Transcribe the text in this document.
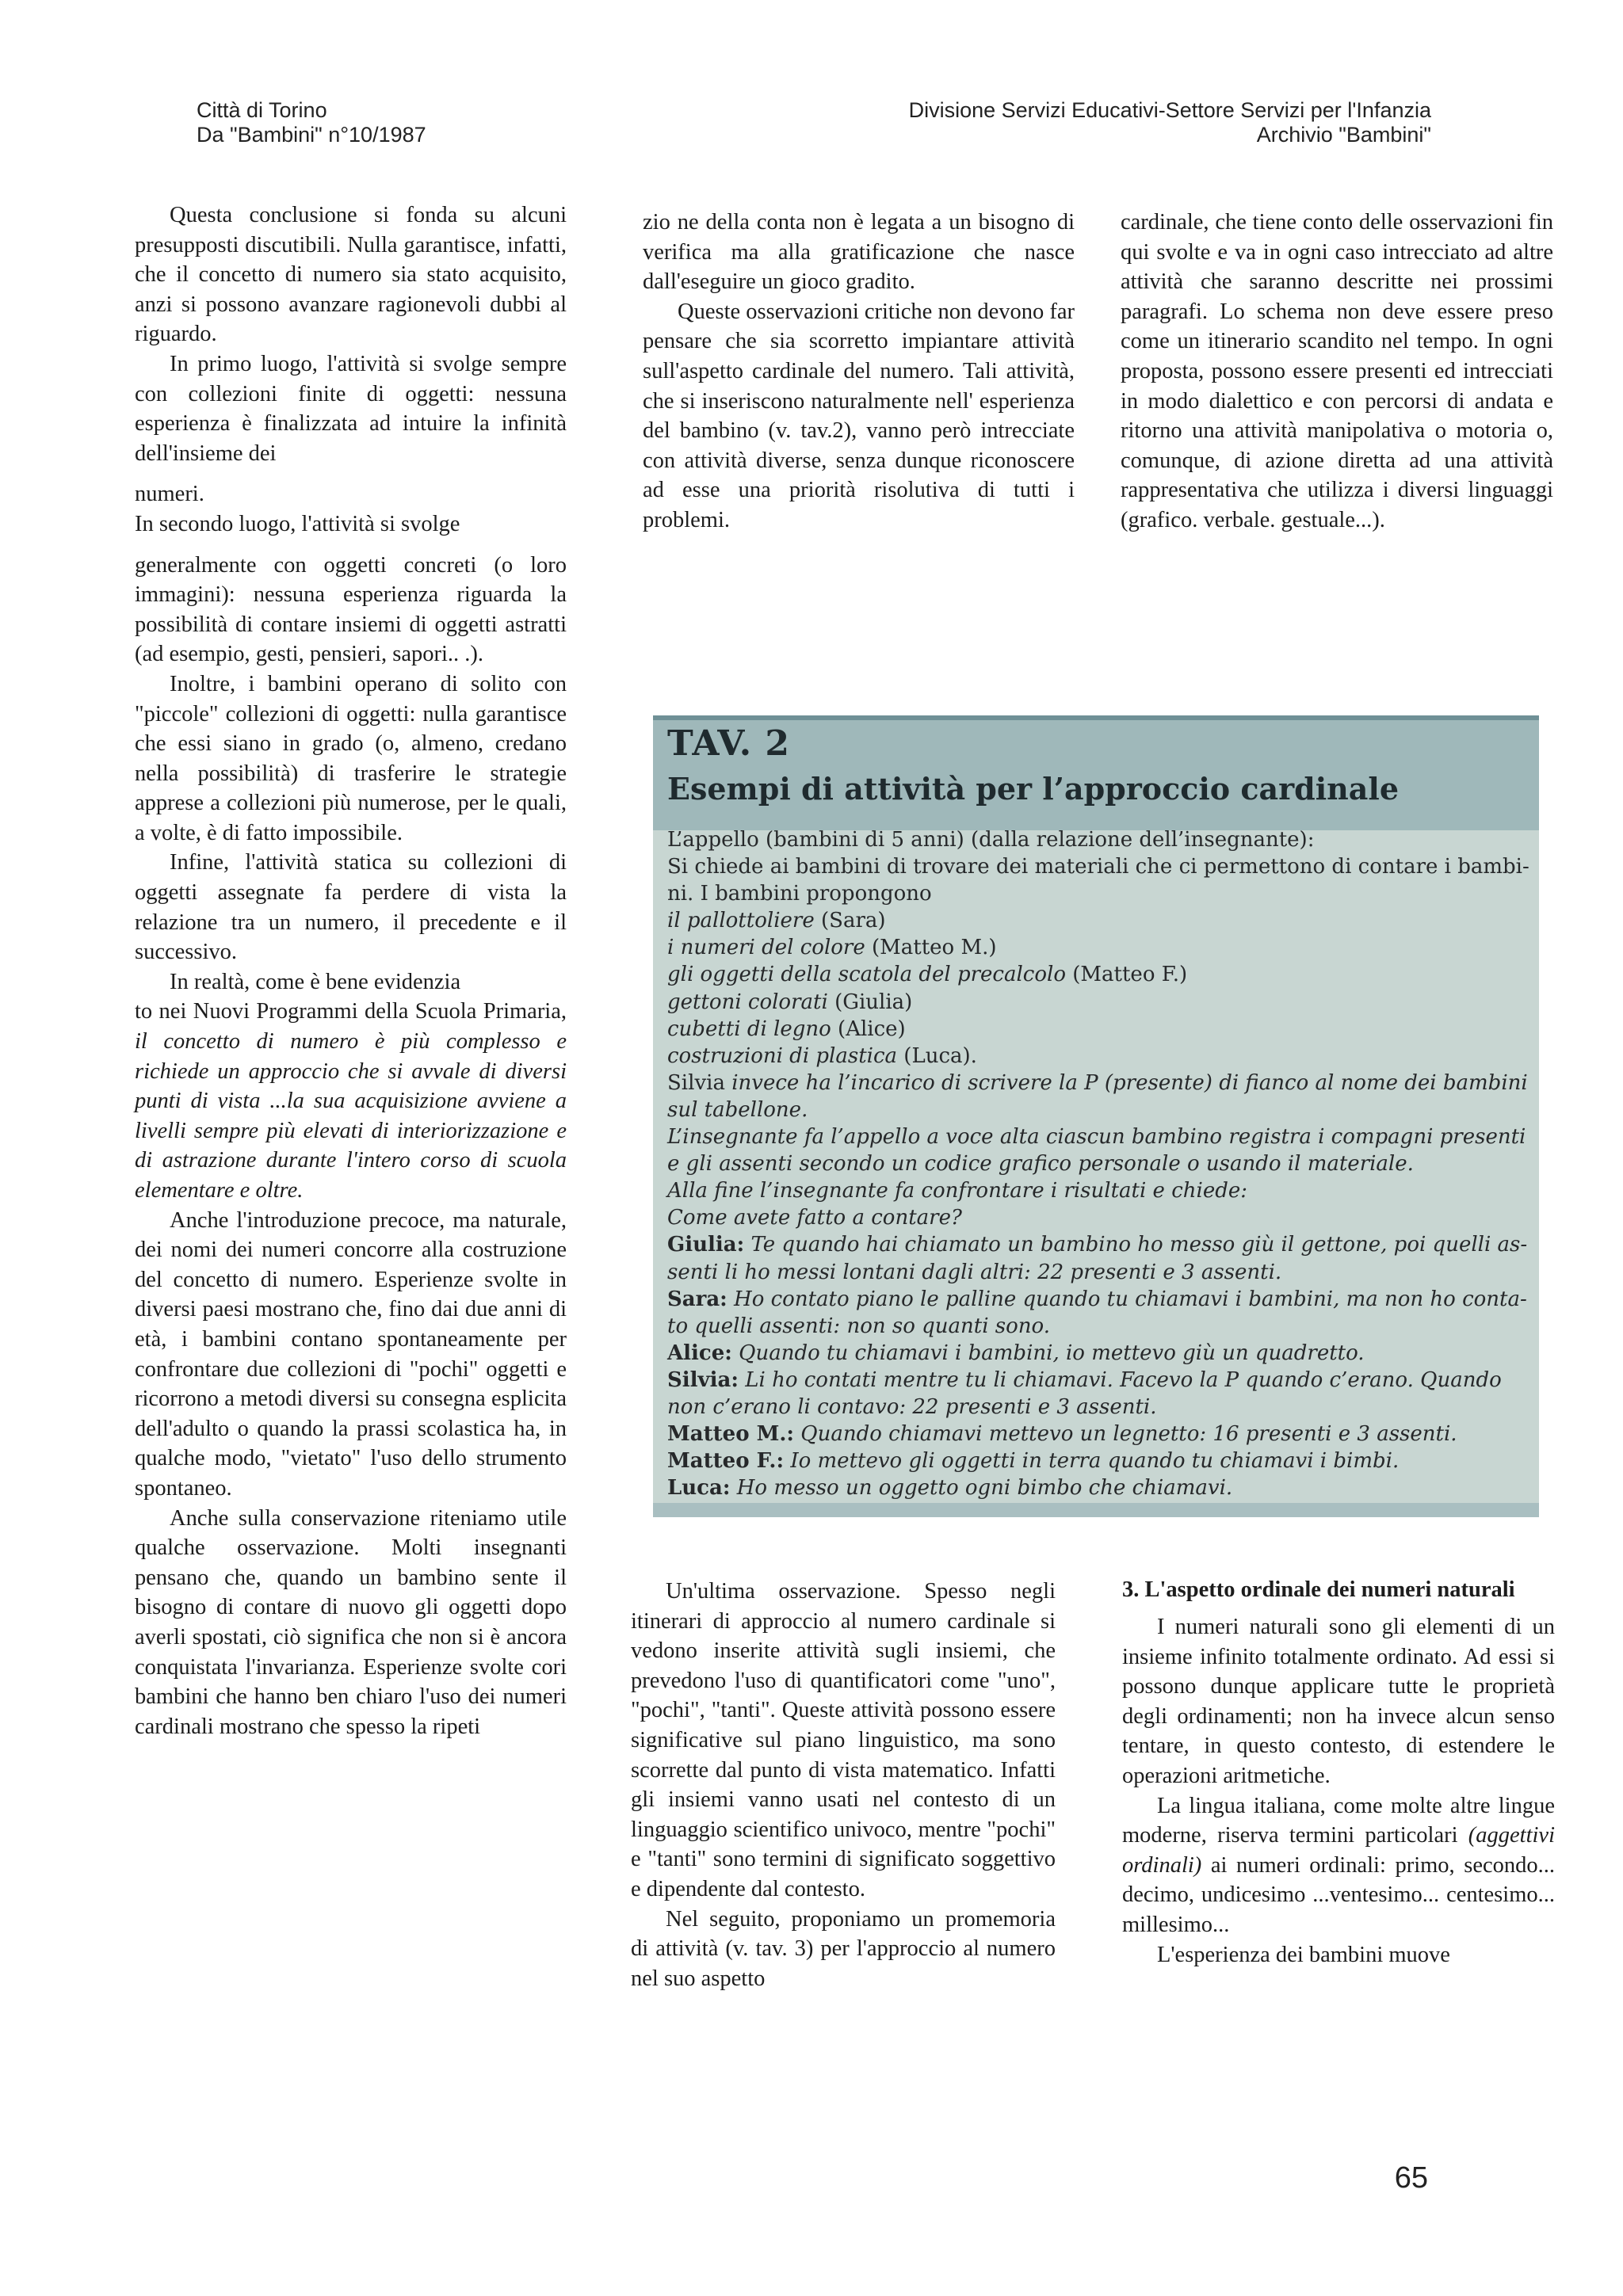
Città di Torino
Da "Bambini" n°10/1987
Divisione Servizi Educativi-Settore Servizi per l'Infanzia
Archivio "Bambini"

Questa conclusione si fonda su alcuni presupposti discutibili. Nulla garantisce, infatti, che il concetto di numero sia stato acquisito, anzi si possono avanzare ragionevoli dubbi al riguardo.

In primo luogo, l'attività si svolge sempre con collezioni finite di oggetti: nessuna esperienza è finalizzata ad intuire la infinità dell'insieme dei

numeri.

In secondo luogo, l'attività si svolge

generalmente con oggetti concreti (o loro immagini): nessuna esperienza riguarda la possibilità di contare insiemi di oggetti astratti (ad esempio, gesti, pensieri, sapori.. .).

Inoltre, i bambini operano di solito con "piccole" collezioni di oggetti: nulla garantisce che essi siano in grado (o, almeno, credano nella possibilità) di trasferire le strategie apprese a collezioni più numerose, per le quali, a volte, è di fatto impossibile.

Infine, l'attività statica su collezioni di oggetti assegnate fa perdere di vista la relazione tra un numero, il precedente e il successivo.

In realtà, come è bene evidenzia

to nei Nuovi Programmi della Scuola Primaria, il concetto di numero è più complesso e richiede un approccio che si avvale di diversi punti di vista ...la sua acquisizione avviene a livelli sempre più elevati di interiorizzazione e di astrazione durante l'intero corso di scuola elementare e oltre.

Anche l'introduzione precoce, ma naturale, dei nomi dei numeri concorre alla costruzione del concetto di numero. Esperienze svolte in diversi paesi mostrano che, fino dai due anni di età, i bambini contano spontaneamente per confrontare due collezioni di "pochi" oggetti e ricorrono a metodi diversi su consegna esplicita dell'adulto o quando la prassi scolastica ha, in qualche modo, "vietato" l'uso dello strumento spontaneo.

Anche sulla conservazione riteniamo utile qualche osservazione. Molti insegnanti pensano che, quando un bambino sente il bisogno di contare di nuovo gli oggetti dopo averli spostati, ciò significa che non si è ancora conquistata l'invarianza. Esperienze svolte cori bambini che hanno ben chiaro l'uso dei numeri cardinali mostrano che spesso la ripeti

zio ne della conta non è legata a un bisogno di verifica ma alla gratificazione che nasce dall'eseguire un gioco gradito.

Queste osservazioni critiche non devono far pensare che sia scorretto impiantare attività sull'aspetto cardinale del numero. Tali attività, che si inseriscono naturalmente nell' esperienza del bambino (v. tav.2), vanno però intrecciate con attività diverse, senza dunque riconoscere ad esse una priorità risolutiva di tutti i problemi.

cardinale, che tiene conto delle osservazioni fin qui svolte e va in ogni caso intrecciato ad altre attività che saranno descritte nei prossimi paragrafi. Lo schema non deve essere preso come un itinerario scandito nel tempo. In ogni proposta, possono essere presenti ed intrecciati in modo dialettico e con percorsi di andata e ritorno una attività manipolativa o motoria o, comunque, di azione diretta ad una attività rappresentativa che utilizza i diversi linguaggi (grafico. verbale. gestuale...).

TAV. 2
Esempi di attività per l’approccio cardinale
L’appello (bambini di 5 anni) (dalla relazione dell’insegnante):
Si chiede ai bambini di trovare dei materiali che ci permettono di contare i bambi-
ni. I bambini propongono
il pallottoliere (Sara)
i numeri del colore (Matteo M.)
gli oggetti della scatola del precalcolo (Matteo F.)
gettoni colorati (Giulia)
cubetti di legno (Alice)
costruzioni di plastica (Luca).
Silvia invece ha l’incarico di scrivere la P (presente) di fianco al nome dei bambini
sul tabellone.
L’insegnante fa l’appello a voce alta ciascun bambino registra i compagni presenti
e gli assenti secondo un codice grafico personale o usando il materiale.
Alla fine l’insegnante fa confrontare i risultati e chiede:
Come avete fatto a contare?
Giulia: Te quando hai chiamato un bambino ho messo giù il gettone, poi quelli as-
senti li ho messi lontani dagli altri: 22 presenti e 3 assenti.
Sara: Ho contato piano le palline quando tu chiamavi i bambini, ma non ho conta-
to quelli assenti: non so quanti sono.
Alice: Quando tu chiamavi i bambini, io mettevo giù un quadretto.
Silvia: Li ho contati mentre tu li chiamavi. Facevo la P quando c’erano. Quando
non c’erano li contavo: 22 presenti e 3 assenti.
Matteo M.: Quando chiamavi mettevo un legnetto: 16 presenti e 3 assenti.
Matteo F.: Io mettevo gli oggetti in terra quando tu chiamavi i bimbi.
Luca: Ho messo un oggetto ogni bimbo che chiamavi.

Un'ultima osservazione. Spesso negli itinerari di approccio al numero cardinale si vedono inserite attività sugli insiemi, che prevedono l'uso di quantificatori come "uno", "pochi", "tanti". Queste attività possono essere significative sul piano linguistico, ma sono scorrette dal punto di vista matematico. Infatti gli insiemi vanno usati nel contesto di un linguaggio scientifico univoco, mentre "pochi" e "tanti" sono termini di significato soggettivo e dipendente dal contesto.

Nel seguito, proponiamo un promemoria di attività (v. tav. 3) per l'approccio al numero nel suo aspetto

3. L'aspetto ordinale dei numeri naturali

I numeri naturali sono gli elementi di un insieme infinito totalmente ordinato. Ad essi si possono dunque applicare tutte le proprietà degli ordinamenti; non ha invece alcun senso tentare, in questo contesto, di estendere le operazioni aritmetiche.

La lingua italiana, come molte altre lingue moderne, riserva termini particolari (aggettivi ordinali) ai numeri ordinali: primo, secondo... decimo, undicesimo ...ventesimo... centesimo... millesimo...

L'esperienza dei bambini muove

65
